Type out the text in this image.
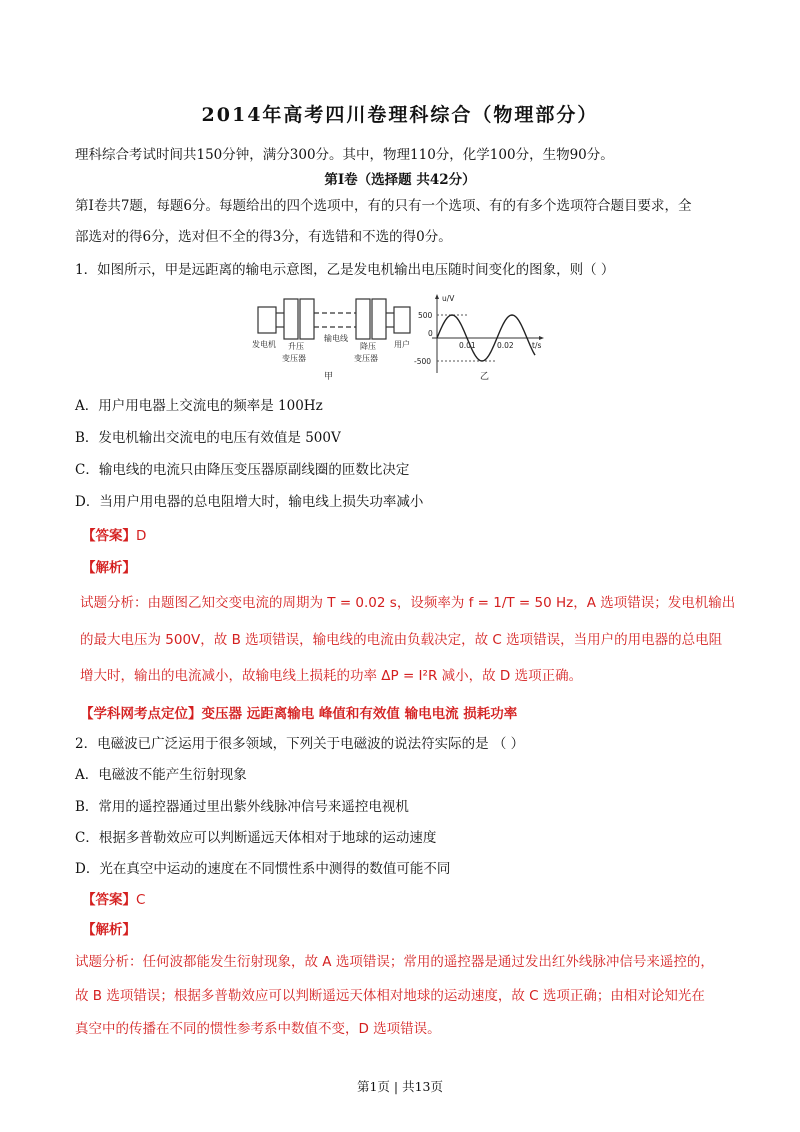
2014年高考四川卷理科综合（物理部分）
理科综合考试时间共150分钟，满分300分。其中，物理110分，化学100分，生物90分。
第Ⅰ卷（选择题 共42分）
第Ⅰ卷共7题，每题6分。每题给出的四个选项中，有的只有一个选项、有的有多个选项符合题目要求，全
部选对的得6分，选对但不全的得3分，有选错和不选的得0分。
1．如图所示，甲是远距离的输电示意图，乙是发电机输出电压随时间变化的图象，则（ ）
发电机 升压
变压器
输电线
降压
变压器
用户
甲
u/V
500
-500
0
0.01	0.02 t/s
乙
A．用户用电器上交流电的频率是 100Hz
B．发电机输出交流电的电压有效值是 500V
C．输电线的电流只由降压变压器原副线圈的匝数比决定
D．当用户用电器的总电阻增大时，输电线上损失功率减小
【答案】D
【解析】
试题分析：由题图乙知交变电流的周期为 T = 0.02 s，设频率为 f = 1/T = 50 Hz，A 选项错误；发电机输出
的最大电压为 500V，故 B 选项错误，输电线的电流由负载决定，故 C 选项错误，当用户的用电器的总电阻
增大时，输出的电流减小，故输电线上损耗的功率 ΔP = I²R 减小，故 D 选项正确。
【学科网考点定位】变压器 远距离输电 峰值和有效值 输电电流 损耗功率
2．电磁波已广泛运用于很多领域，下列关于电磁波的说法符实际的是 （ ）
A．电磁波不能产生衍射现象
B．常用的遥控器通过里出紫外线脉冲信号来遥控电视机
C．根据多普勒效应可以判断遥远天体相对于地球的运动速度
D．光在真空中运动的速度在不同惯性系中测得的数值可能不同
【答案】C
【解析】
试题分析：任何波都能发生衍射现象，故 A 选项错误；常用的遥控器是通过发出红外线脉冲信号来遥控的，
故 B 选项错误；根据多普勒效应可以判断遥远天体相对地球的运动速度，故 C 选项正确；由相对论知光在
真空中的传播在不同的惯性参考系中数值不变，D 选项错误。
第1页 | 共13页
